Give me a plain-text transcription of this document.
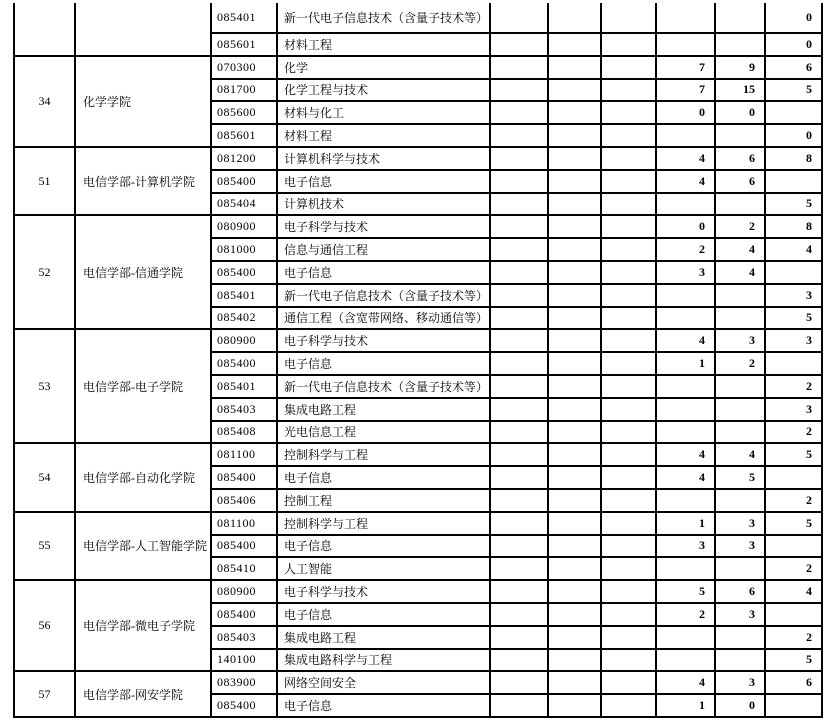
		085401	新一代电子信息技术（含量子技术等）						0
		085601	材料工程						0
34	化学学院	070300	化学				7	9	6
		081700	化学工程与技术				7	15	5
		085600	材料与化工				0	0	
		085601	材料工程						0
51	电信学部-计算机学院	081200	计算机科学与技术				4	6	8
		085400	电子信息				4	6	
		085404	计算机技术						5
52	电信学部-信通学院	080900	电子科学与技术				0	2	8
		081000	信息与通信工程				2	4	4
		085400	电子信息				3	4	
		085401	新一代电子信息技术（含量子技术等）						3
		085402	通信工程（含宽带网络、移动通信等）						5
53	电信学部-电子学院	080900	电子科学与技术				4	3	3
		085400	电子信息				1	2	
		085401	新一代电子信息技术（含量子技术等）						2
		085403	集成电路工程						3
		085408	光电信息工程						2
54	电信学部-自动化学院	081100	控制科学与工程				4	4	5
		085400	电子信息				4	5	
		085406	控制工程						2
55	电信学部-人工智能学院	081100	控制科学与工程				1	3	5
		085400	电子信息				3	3	
		085410	人工智能						2
56	电信学部-微电子学院	080900	电子科学与技术				5	6	4
		085400	电子信息				2	3	
		085403	集成电路工程						2
		140100	集成电路科学与工程						5
57	电信学部-网安学院	083900	网络空间安全				4	3	6
		085400	电子信息				1	0	
